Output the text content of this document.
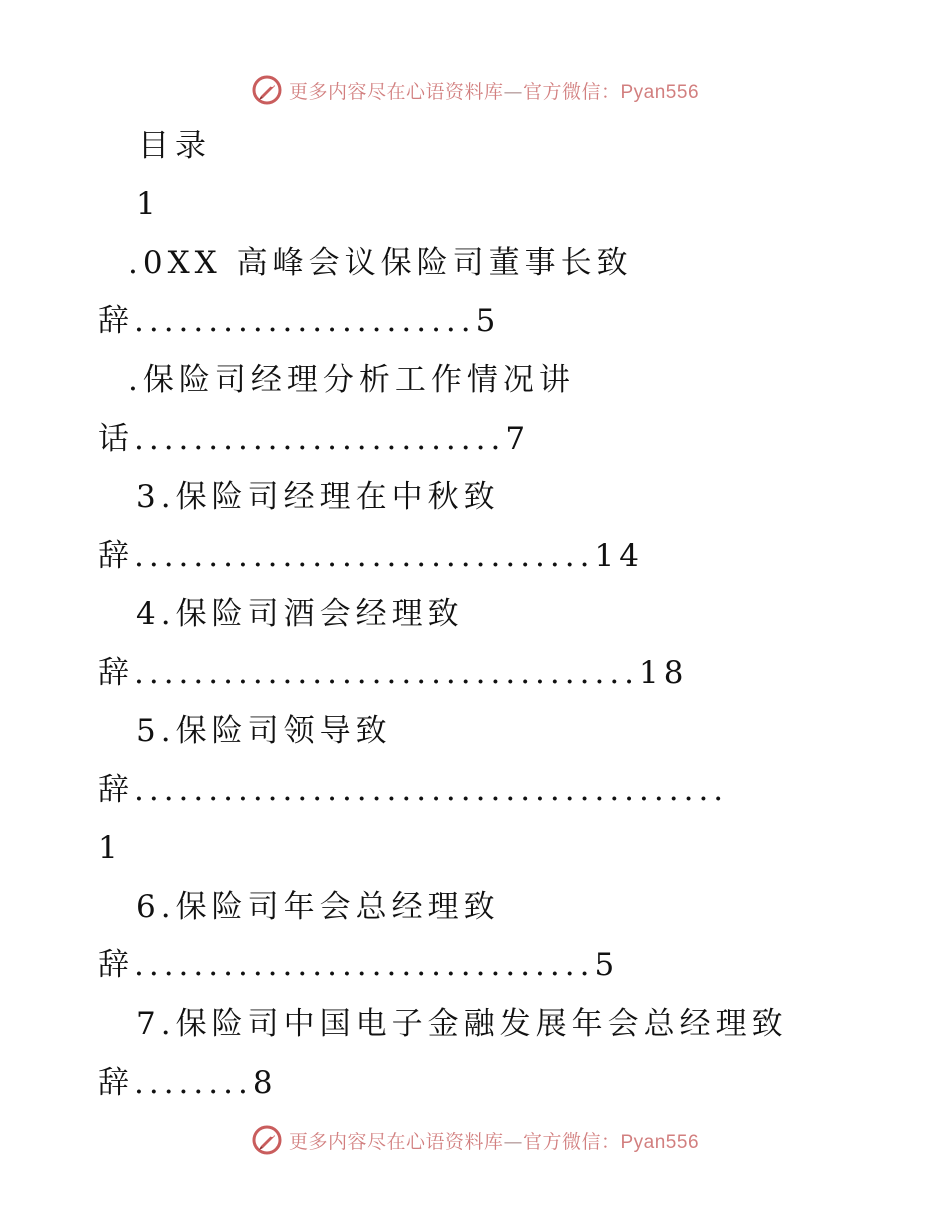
更多内容尽在心语资料库—官方微信：Pyan556
目录
1
.0XX 高峰会议保险司董事长致
辞.......................5
.保险司经理分析工作情况讲
话.........................7
3.保险司经理在中秋致
辞...............................14
4.保险司酒会经理致
辞..................................18
5.保险司领导致
辞........................................
1
6.保险司年会总经理致
辞...............................5
7.保险司中国电子金融发展年会总经理致
辞........8
更多内容尽在心语资料库—官方微信：Pyan556
